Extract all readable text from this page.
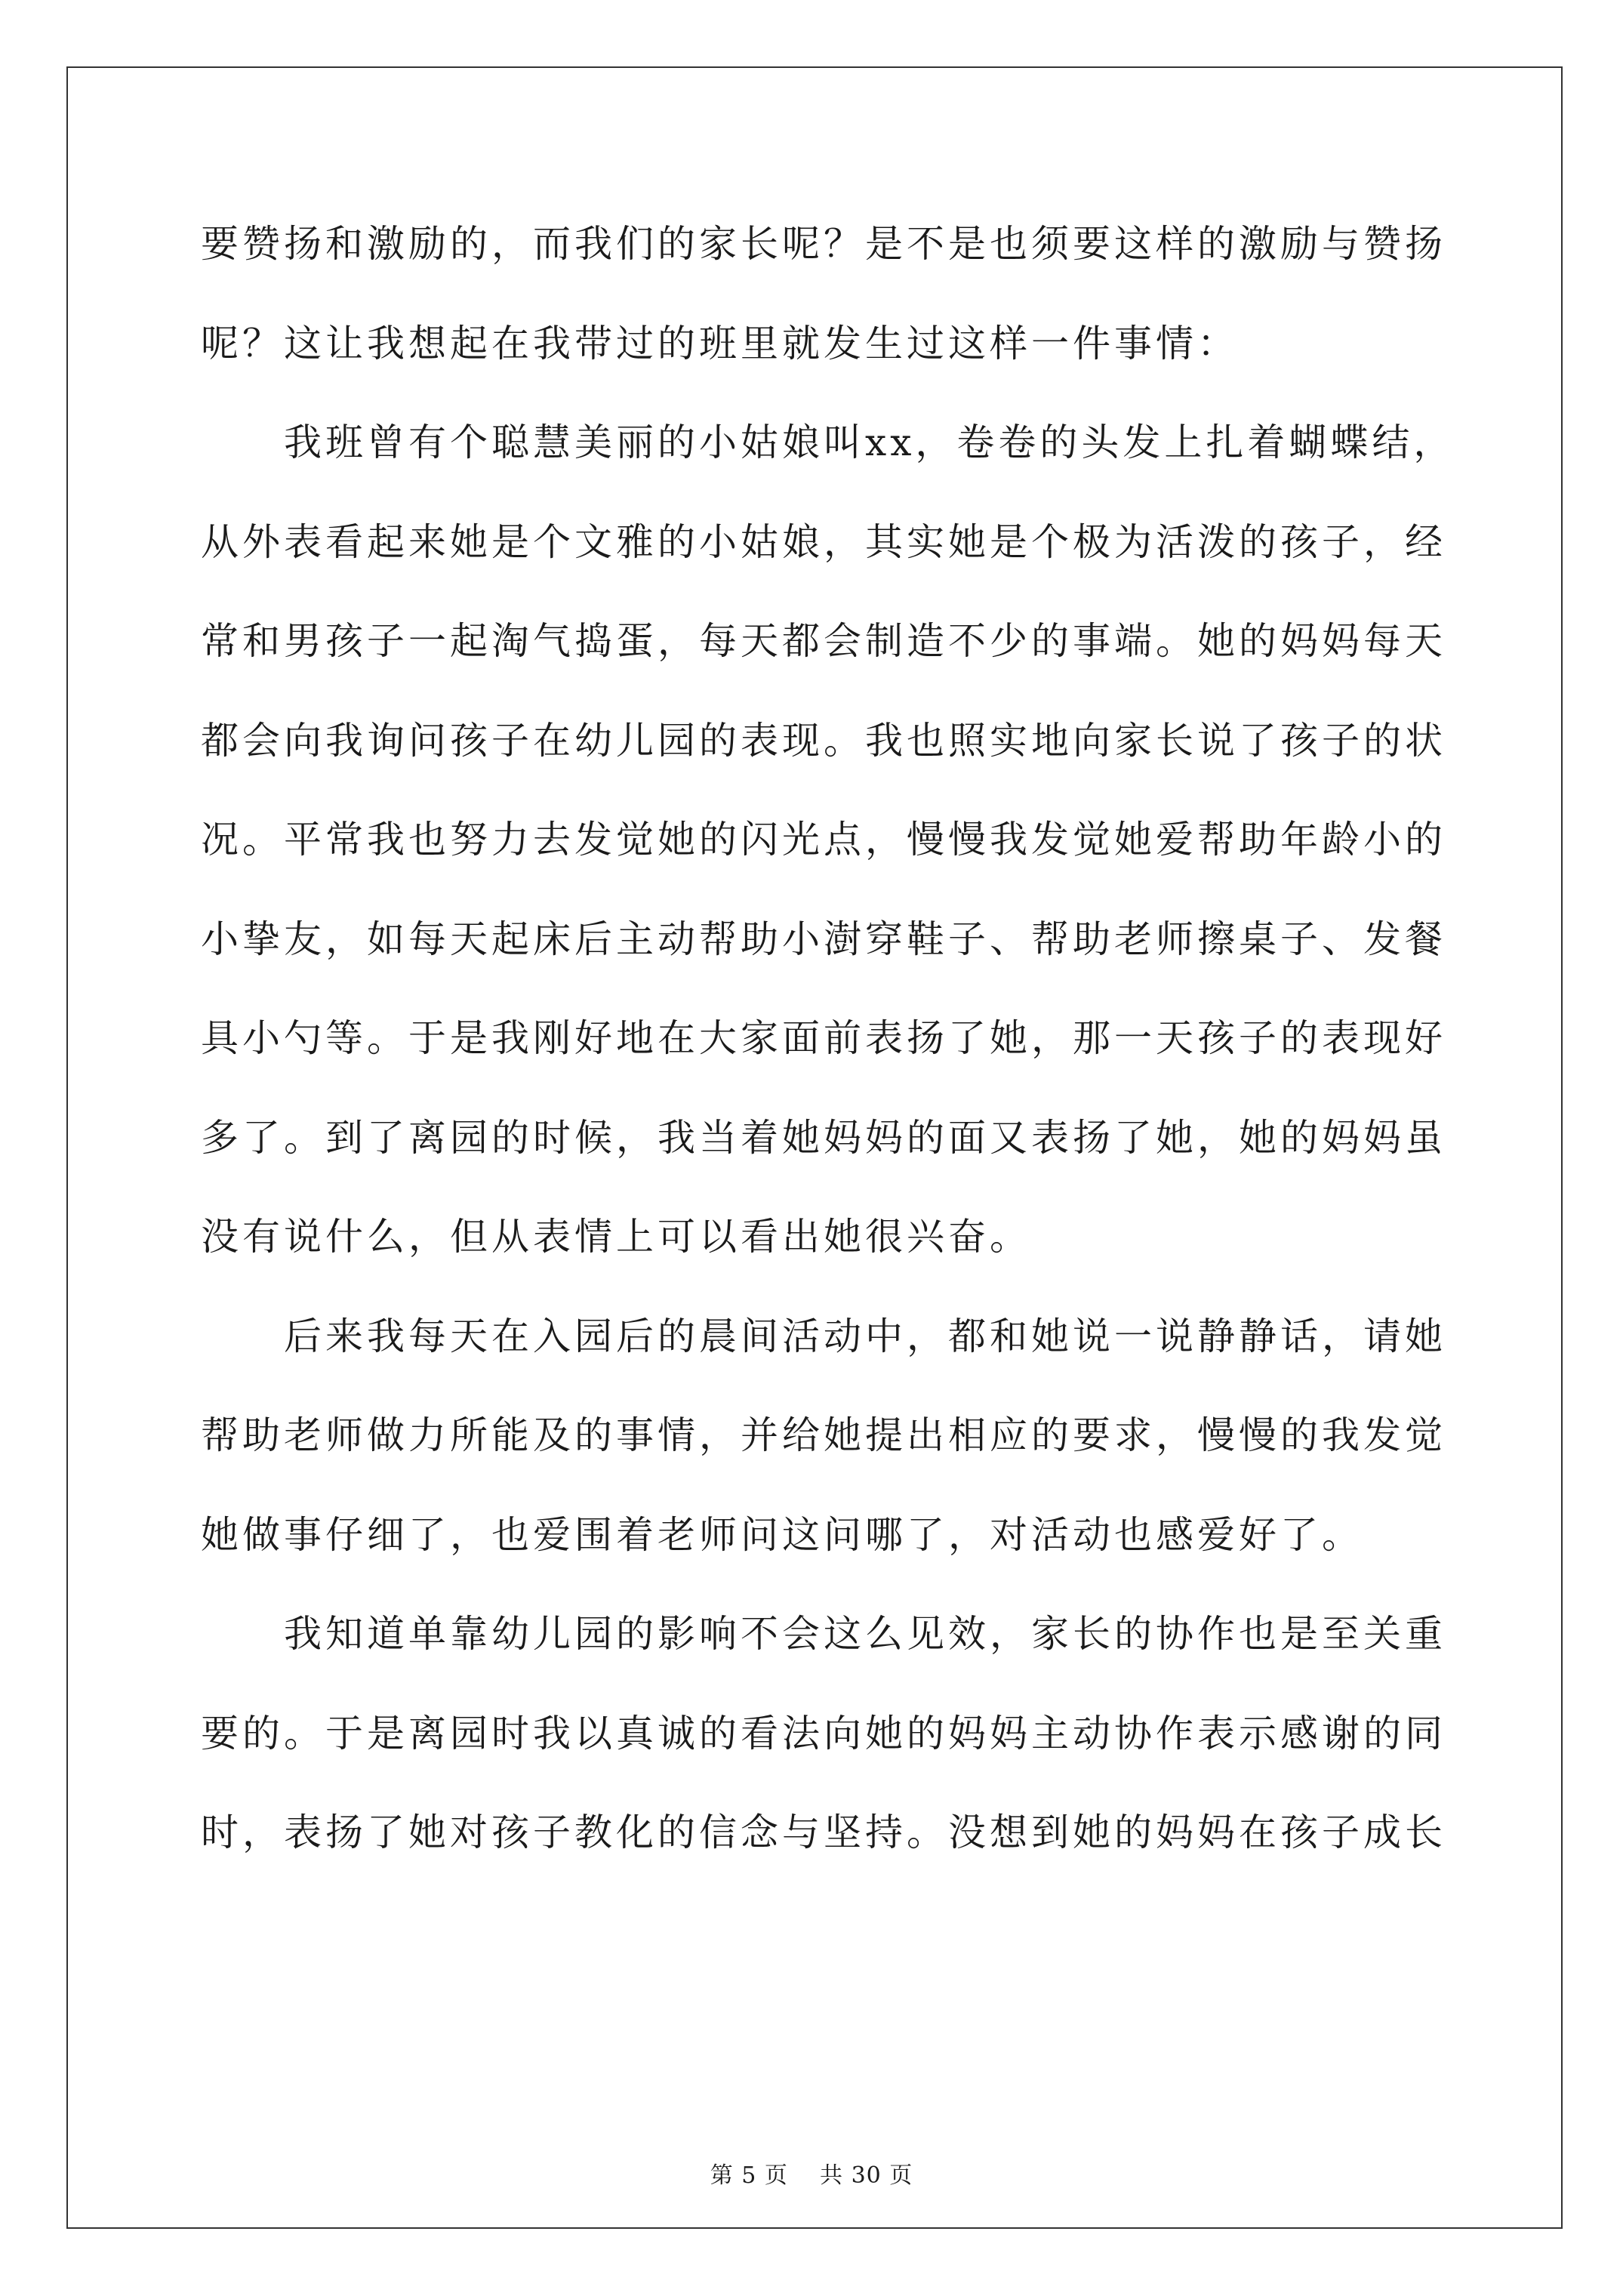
要赞扬和激励的，而我们的家长呢？是不是也须要这样的激励与赞扬
呢？这让我想起在我带过的班里就发生过这样一件事情：
　　我班曾有个聪慧美丽的小姑娘叫xx，卷卷的头发上扎着蝴蝶结，
从外表看起来她是个文雅的小姑娘，其实她是个极为活泼的孩子，经
常和男孩子一起淘气捣蛋，每天都会制造不少的事端。她的妈妈每天
都会向我询问孩子在幼儿园的表现。我也照实地向家长说了孩子的状
况。平常我也努力去发觉她的闪光点，慢慢我发觉她爱帮助年龄小的
小挚友，如每天起床后主动帮助小澍穿鞋子、帮助老师擦桌子、发餐
具小勺等。于是我刚好地在大家面前表扬了她，那一天孩子的表现好
多了。到了离园的时候，我当着她妈妈的面又表扬了她，她的妈妈虽
没有说什么，但从表情上可以看出她很兴奋。
　　后来我每天在入园后的晨间活动中，都和她说一说静静话，请她
帮助老师做力所能及的事情，并给她提出相应的要求，慢慢的我发觉
她做事仔细了，也爱围着老师问这问哪了，对活动也感爱好了。
　　我知道单靠幼儿园的影响不会这么见效，家长的协作也是至关重
要的。于是离园时我以真诚的看法向她的妈妈主动协作表示感谢的同
时，表扬了她对孩子教化的信念与坚持。没想到她的妈妈在孩子成长
第 5 页 共 30 页
